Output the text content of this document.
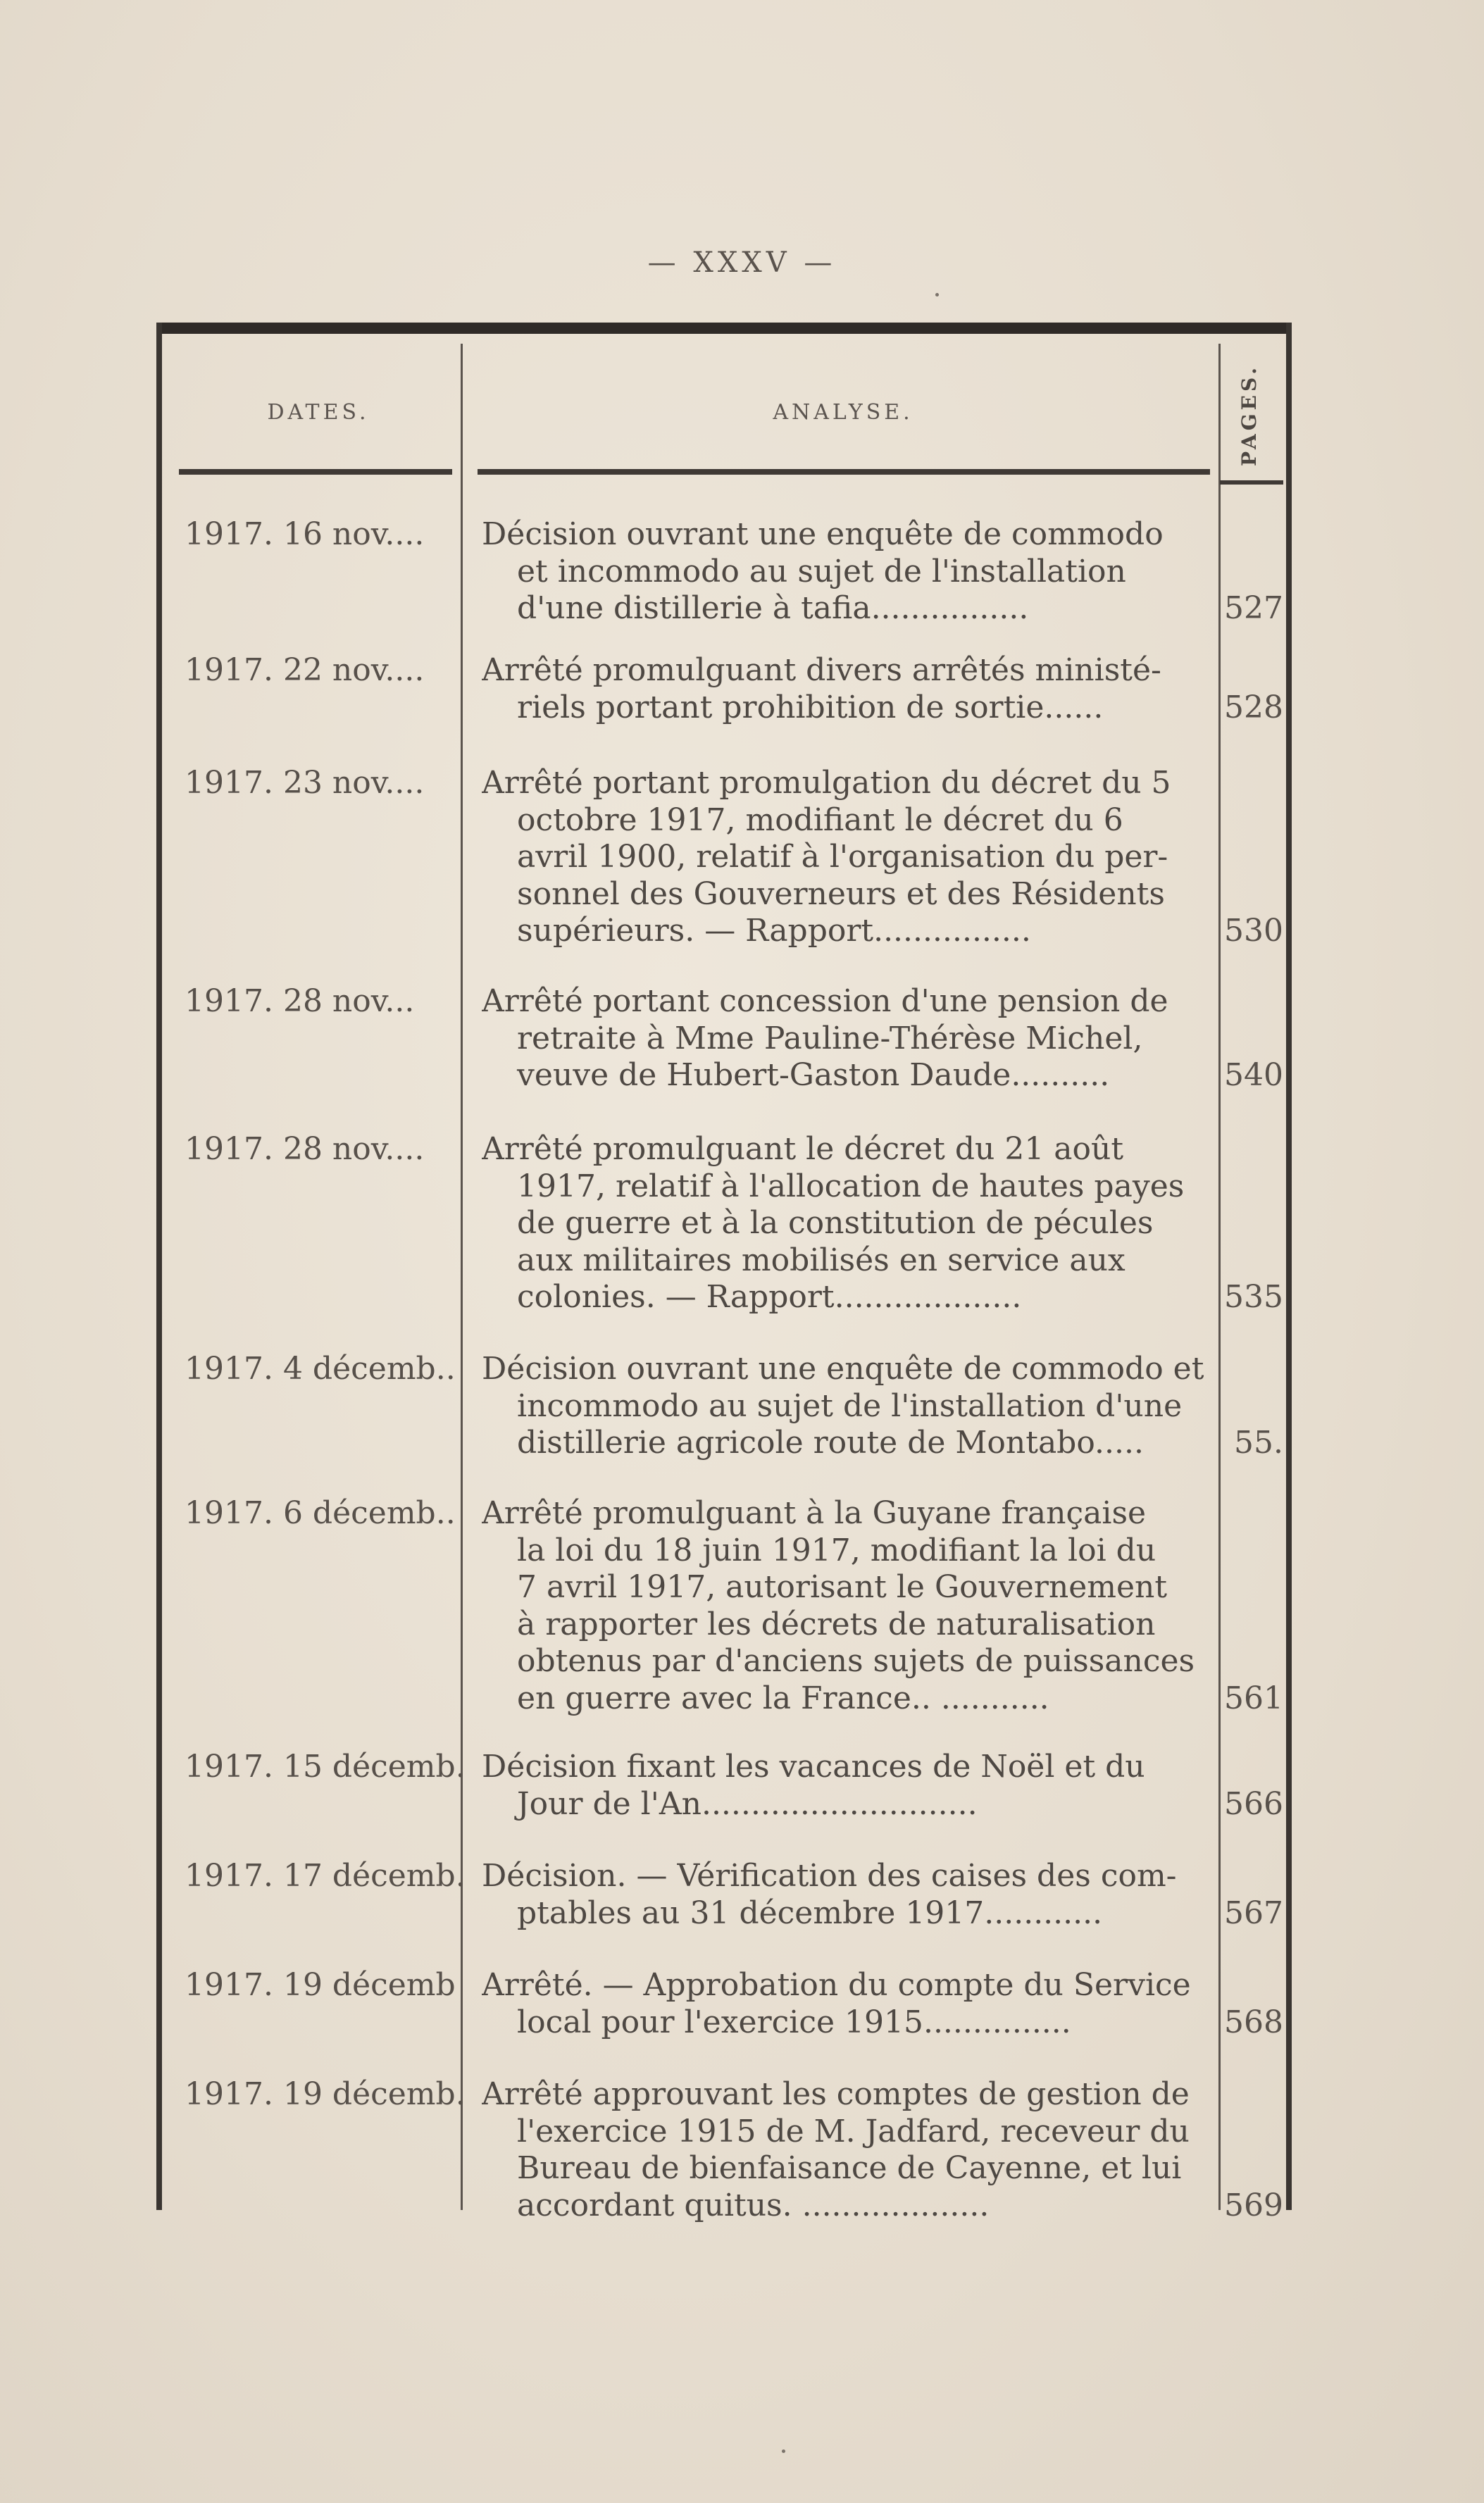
— XXXV —
DATES.	ANALYSE.	PAGES.
1917. 16 nov....	Décision ouvrant une enquête de commodo
et incommodo au sujet de l'installation
d'une distillerie à tafia................	527
1917. 22 nov....	Arrêté promulguant divers arrêtés ministé-
riels portant prohibition de sortie......	528
1917. 23 nov....	Arrêté portant promulgation du décret du 5
octobre 1917, modifiant le décret du 6
avril 1900, relatif à l'organisation du per-
sonnel des Gouverneurs et des Résidents
supérieurs. — Rapport................	530
1917. 28 nov...	Arrêté portant concession d'une pension de
retraite à Mme Pauline-Thérèse Michel,
veuve de Hubert-Gaston Daude..........	540
1917. 28 nov....	Arrêté promulguant le décret du 21 août
1917, relatif à l'allocation de hautes payes
de guerre et à la constitution de pécules
aux militaires mobilisés en service aux
colonies. — Rapport...................	535
1917. 4 décemb.. Décision ouvrant une enquête de commodo et
incommodo au sujet de l'installation d'une
distillerie agricole route de Montabo.....	55.
1917. 6 décemb.. Arrêté promulguant à la Guyane française
la loi du 18 juin 1917, modifiant la loi du
7 avril 1917, autorisant le Gouvernement
à rapporter les décrets de naturalisation
obtenus par d'anciens sujets de puissances
en guerre avec la France.. ...........	561
1917. 15 décemb. Décision fixant les vacances de Noël et du
Jour de l'An............................	566
1917. 17 décemb. Décision. — Vérification des caises des com-
ptables au 31 décembre 1917............	567
1917. 19 décemb Arrêté. — Approbation du compte du Service
local pour l'exercice 1915...............	568
1917. 19 décemb. Arrêté approuvant les comptes de gestion de
l'exercice 1915 de M. Jadfard, receveur du
Bureau de bienfaisance de Cayenne, et lui
accordant quitus. ...................	569
